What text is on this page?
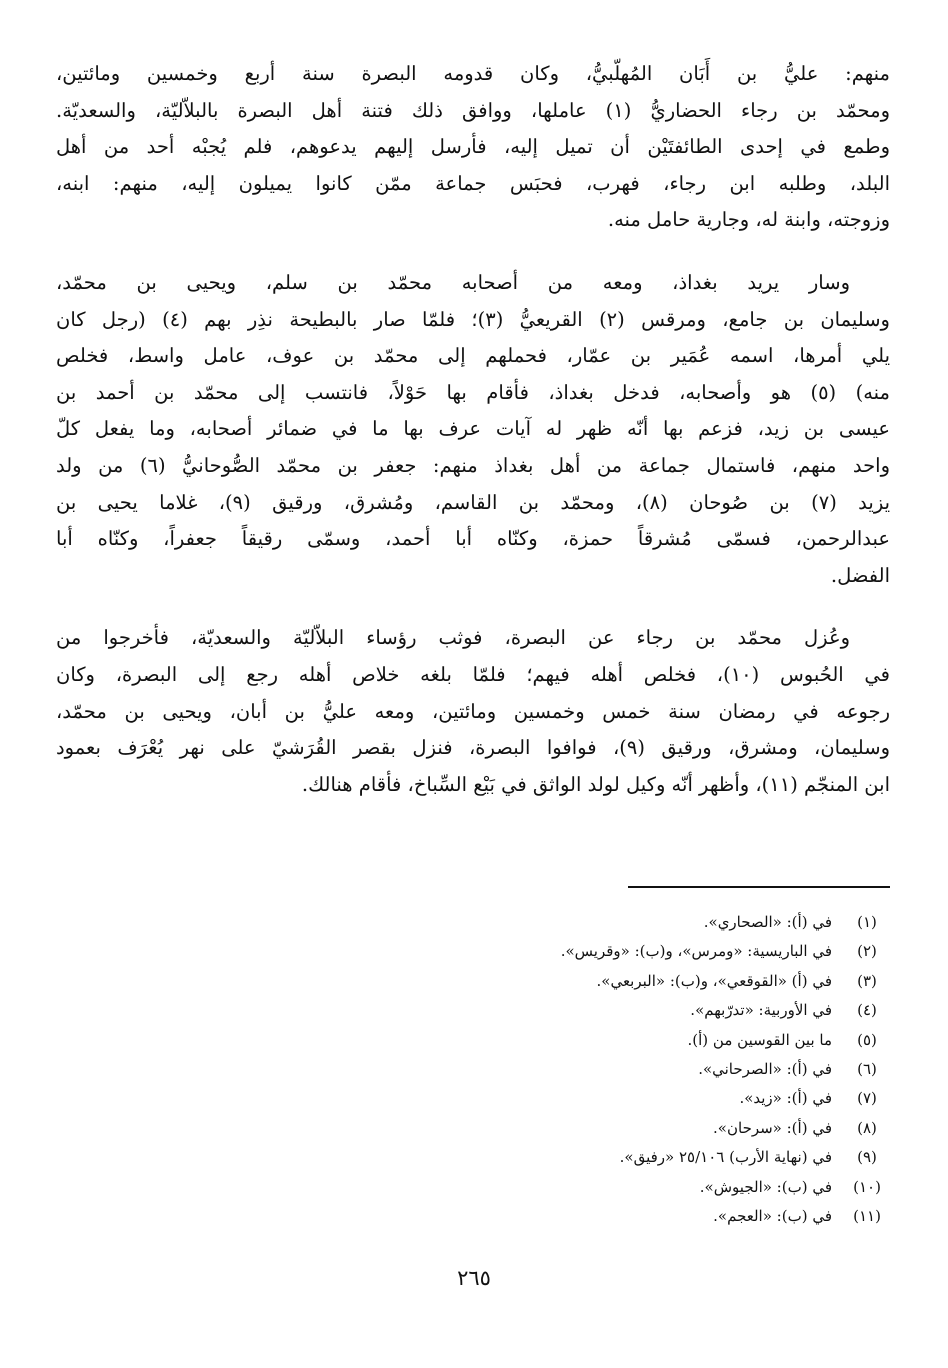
منهم: عليُّ بن أَبَان المُهلّبيُّ، وكان قدومه البصرة سنة أربع وخمسين ومائتين،
ومحمّد بن رجاء الحضاريُّ (١) عاملها، ووافق ذلك فتنة أهل البصرة بالبلاّليّة، والسعديّة.
وطمع في إحدى الطائفتَيْن أن تميل إليه، فأرسل إليهم يدعوهم، فلم يُجبْه أحد من أهل
البلد، وطلبه ابن رجاء، فهرب، فحبَس جماعة ممّن كانوا يميلون إليه، منهم: ابنه،
وزوجته، وابنة له، وجارية حامل منه.
وسار يريد بغداذ، ومعه من أصحابه محمّد بن سلم، ويحيى بن محمّد،
وسليمان بن جامع، ومرقس (٢) القريعيُّ (٣)؛ فلمّا صار بالبطيحة نذِر بهم (٤) (رجل كان
يلي أمرها، اسمه عُمَير بن عمّار، فحملهم إلى محمّد بن عوف، عامل واسط، فخلص
منه) (٥) هو وأصحابه، فدخل بغداذ، فأقام بها حَوْلاً، فانتسب إلى محمّد بن أحمد بن
عيسى بن زيد، فزعم بها أنّه ظهر له آيات عرف بها ما في ضمائر أصحابه، وما يفعل كلّ
واحد منهم، فاستمال جماعة من أهل بغداذ منهم: جعفر بن محمّد الصُّوحانيُّ (٦) من ولد
يزيد (٧) بن صُوحان (٨)، ومحمّد بن القاسم، ومُشرق، ورقيق (٩)، غلاما يحيى بن
عبدالرحمن، فسمّى مُشرقاً حمزة، وكنّاه أبا أحمد، وسمّى رقيقاً جعفراً، وكنّاه أبا
الفضل.
وعُزل محمّد بن رجاء عن البصرة، فوثب رؤساء البلاّليّة والسعديّة، فأخرجوا من
في الحُبوس (١٠)، فخلص أهله فيهم؛ فلمّا بلغه خلاص أهله رجع إلى البصرة، وكان
رجوعه في رمضان سنة خمس وخمسين ومائتين، ومعه عليُّ بن أبان، ويحيى بن محمّد،
وسليمان، ومشرق، ورقيق (٩)، فوافوا البصرة، فنزل بقصر القُرَشيّ على نهر يُعْرَف بعمود
ابن المنجّم (١١)، وأظهر أنّه وكيل لولد الواثق في بَيْع السِّباخ، فأقام هنالك.
(١)
في (أ): «الصحاري».
(٢)
في الباريسية: «ومرس»، و(ب): «وقريس».
(٣)
في (أ) «القوقعي»، و(ب): «البربعي».
(٤)
في الأوربية: «تدرّبهم».
(٥)
ما بين القوسين من (أ).
(٦)
في (أ): «الصرحاني».
(٧)
في (أ): «زيد».
(٨)
في (أ): «سرحان».
(٩)
في (نهاية الأرب) ٢٥/١٠٦ «رفيق».
(١٠)
في (ب): «الجيوش».
(١١)
في (ب): «العجم».
٢٦٥
